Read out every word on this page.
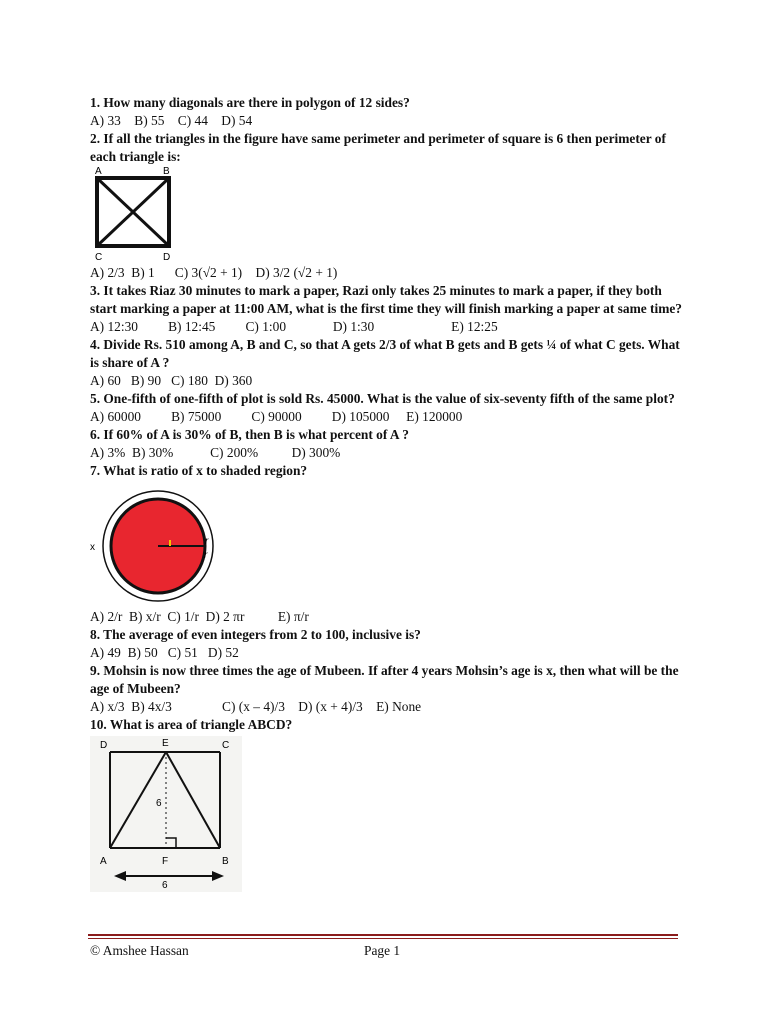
1. How many diagonals are there in polygon of 12 sides?
A) 33    B) 55    C) 44    D) 54
2. If all the triangles in the figure have same perimeter and perimeter of square is 6 then perimeter of each triangle is:
A	B
C	D
A) 2/3  B) 1      C) 3(√2 + 1)    D) 3/2 (√2 + 1)
3. It takes Riaz 30 minutes to mark a paper, Razi only takes 25 minutes to mark a paper, if they both start marking a paper at 11:00 AM, what is the first time they will finish marking a paper at same time?
A) 12:30         B) 12:45         C) 1:00              D) 1:30                       E) 12:25
4. Divide Rs. 510 among A, B and C, so that A gets 2/3 of what B gets and B gets ¼ of what C gets. What is share of A ?
A) 60   B) 90   C) 180  D) 360
5. One-fifth of one-fifth of plot is sold Rs. 45000. What is the value of six-seventy fifth of the same plot?
A) 60000         B) 75000         C) 90000         D) 105000     E) 120000
6. If 60% of A is 30% of B, then B is what percent of A ?
A) 3%  B) 30%           C) 200%          D) 300%
7. What is ratio of x to shaded region?
x
r
r
A) 2/r  B) x/r  C) 1/r  D) 2 πr          E) π/r
8. The average of even integers from 2 to 100, inclusive is?
A) 49  B) 50   C) 51   D) 52
9. Mohsin is now three times the age of Mubeen. If after 4 years Mohsin’s age is x, then what will be the age of Mubeen?
A) x/3  B) 4x/3               C) (x – 4)/3    D) (x + 4)/3    E) None
10. What is area of triangle ABCD?
D	E	C
6
A	F	B
6
© Amshee Hassan	Page 1
